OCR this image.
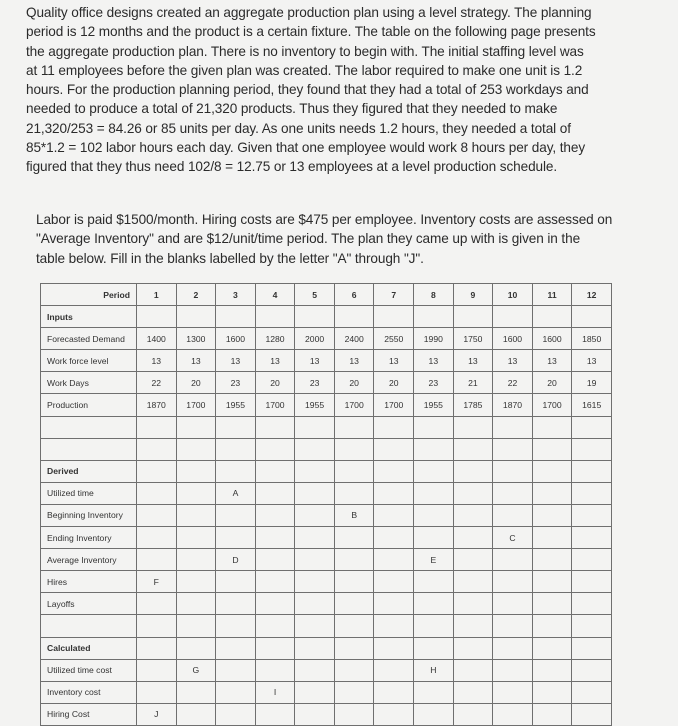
Quality office designs created an aggregate production plan using a level strategy. The planning
period is 12 months and the product is a certain fixture. The table on the following page presents
the aggregate production plan. There is no inventory to begin with. The initial staffing level was
at 11 employees before the given plan was created. The labor required to make one unit is 1.2
hours. For the production planning period, they found that they had a total of 253 workdays and
needed to produce a total of 21,320 products. Thus they figured that they needed to make
21,320/253 = 84.26 or 85 units per day. As one units needs 1.2 hours, they needed a total of
85*1.2 = 102 labor hours each day. Given that one employee would work 8 hours per day, they
figured that they thus need 102/8 = 12.75 or 13 employees at a level production schedule.
Labor is paid $1500/month. Hiring costs are $475 per employee. Inventory costs are assessed on
"Average Inventory" and are $12/unit/time period. The plan they came up with is given in the
table below. Fill in the blanks labelled by the letter "A" through "J".
Period	1	2	3	4	5	6	7	8	9	10	11	12
Inputs												
Forecasted Demand	1400	1300	1600	1280	2000	2400	2550	1990	1750	1600	1600	1850
Work force level	13	13	13	13	13	13	13	13	13	13	13	13
Work Days	22	20	23	20	23	20	20	23	21	22	20	19
Production	1870	1700	1955	1700	1955	1700	1700	1955	1785	1870	1700	1615

Derived												
Utilized time			A									
Beginning Inventory						B						
Ending Inventory										C		
Average Inventory			D					E				
Hires	F											
Layoffs												

Calculated												
Utilized time cost		G						H				
Inventory cost				I								
Hiring Cost	J											
